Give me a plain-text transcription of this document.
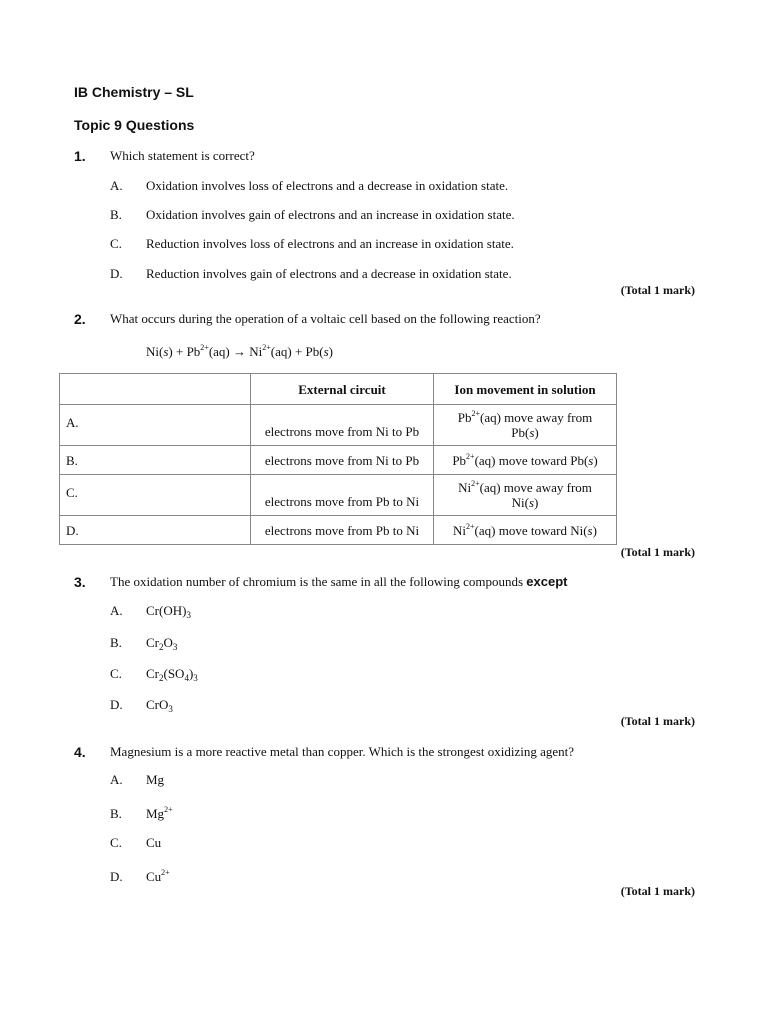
IB Chemistry – SL
Topic 9 Questions
1. Which statement is correct?
A. Oxidation involves loss of electrons and a decrease in oxidation state.
B. Oxidation involves gain of electrons and an increase in oxidation state.
C. Reduction involves loss of electrons and an increase in oxidation state.
D. Reduction involves gain of electrons and a decrease in oxidation state.
(Total 1 mark)
2. What occurs during the operation of a voltaic cell based on the following reaction?
$Ni(s) + Pb^{2+}(aq) \to Ni^{2+}(aq) + Pb(s)$
	External circuit	Ion movement in solution
A.	electrons move from Ni to Pb	$Pb^{2+}(aq)$ move away from
Pb(s)
B.	electrons move from Ni to Pb	$Pb^{2+}(aq)$ move toward Pb(s)
C.	electrons move from Pb to Ni	$Ni^{2+}(aq)$ move away from
Ni(s)
D.	electrons move from Pb to Ni	$Ni^{2+}(aq)$ move toward Ni(s)
(Total 1 mark)
3. The oxidation number of chromium is the same in all the following compounds except
A. $Cr(OH)_3$
B. $Cr_2O_3$
C. $Cr_2(SO_4)_3$
D. CrO$_3$
(Total 1 mark)
4. Magnesium is a more reactive metal than copper. Which is the strongest oxidizing agent?
A. Mg
B. $Mg^{2+}$
C. Cu
D. $Cu^{2+}$
(Total 1 mark)
